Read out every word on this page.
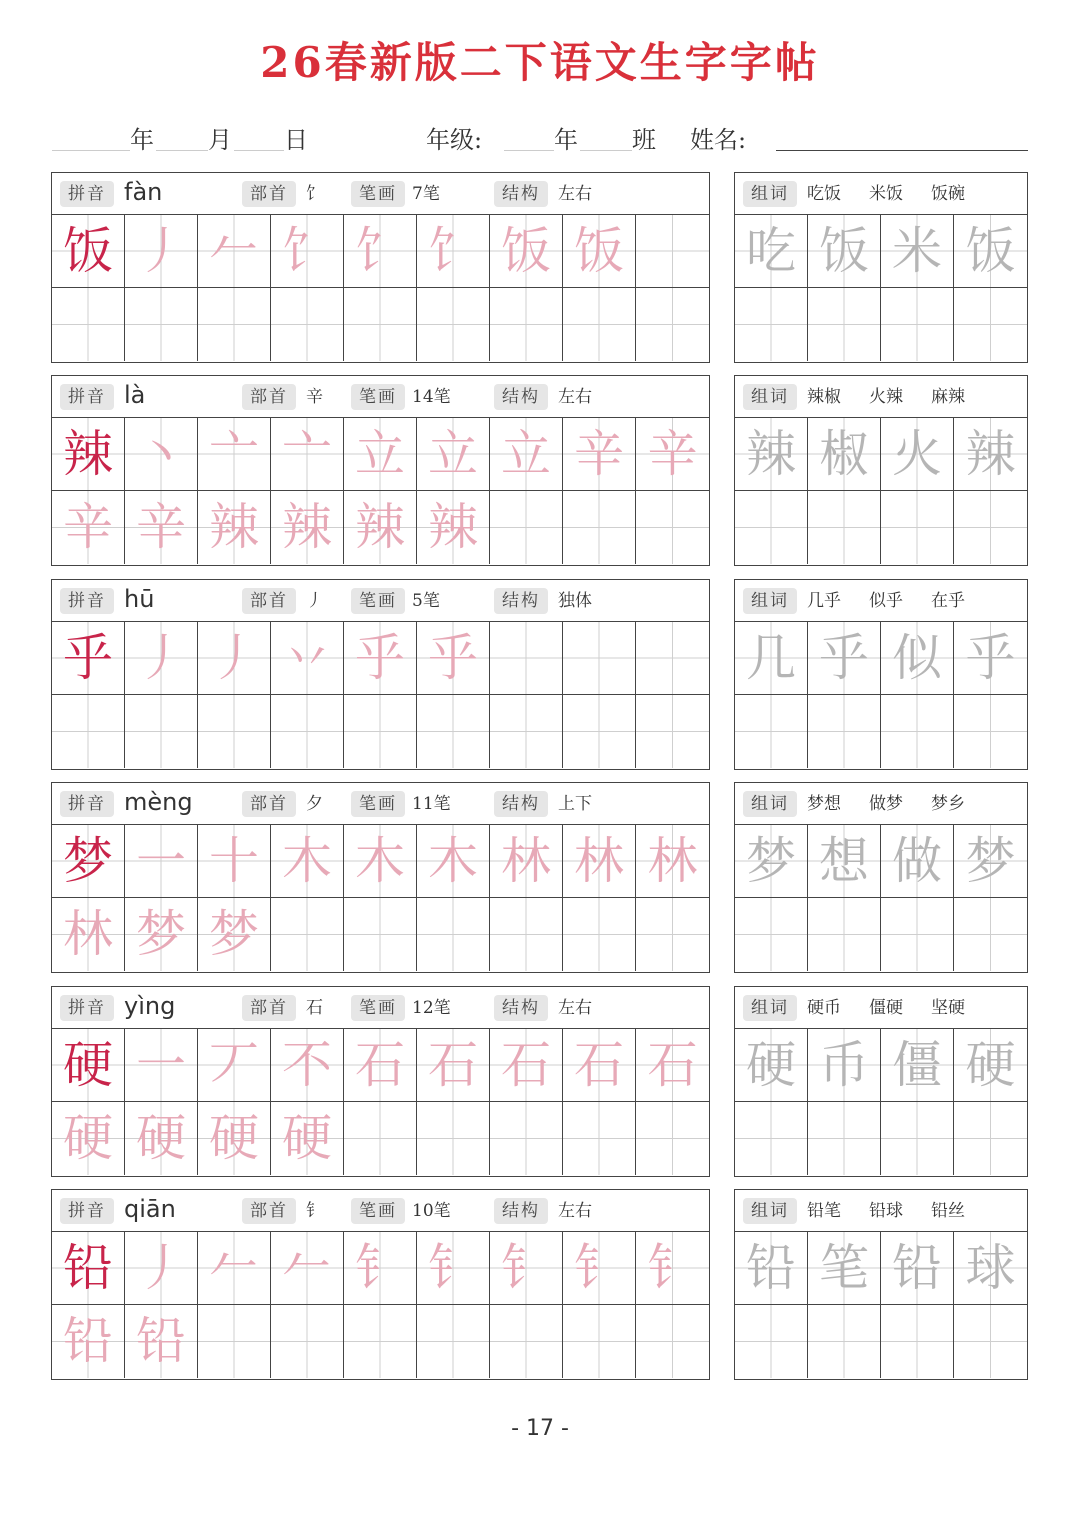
26春新版二下语文生字字帖
年 月 日	年级:	年 班 姓名:
拼音 fàn	部首	饣	笔画 7笔	结构	左右
饭 丿 𠂉 饣 饣 饣 饭 饭
组词	吃饭 米饭 饭碗
吃 饭 米 饭
拼音 là	部首	辛	笔画 14笔	结构	左右
辣 丶 亠 亠 立 立 立 辛 辛
辛 辛 辣 辣 辣 辣
组词	辣椒 火辣 麻辣
辣 椒 火 辣
拼音 hū	部首	丿	笔画 5笔	结构	独体
乎 丿 丿 丷 乎 乎
组词	几乎 似乎 在乎
几 乎 似 乎
拼音 mèng	部首	夕	笔画 11笔	结构	上下
梦 一 十 木 木 木 林 林 林
林 梦 梦
组词	梦想 做梦 梦乡
梦 想 做 梦
拼音 yìng	部首	石	笔画 12笔	结构	左右
硬 一 丆 不 石 石 石 石 石
硬 硬 硬 硬
组词	硬币 僵硬 坚硬
硬 币 僵 硬
拼音 qiān	部首	钅	笔画 10笔	结构	左右
铅 丿 𠂉 𠂉 钅 钅 钅 钅 钅
铅 铅
组词	铅笔 铅球 铅丝
铅 笔 铅 球
- 17 -
